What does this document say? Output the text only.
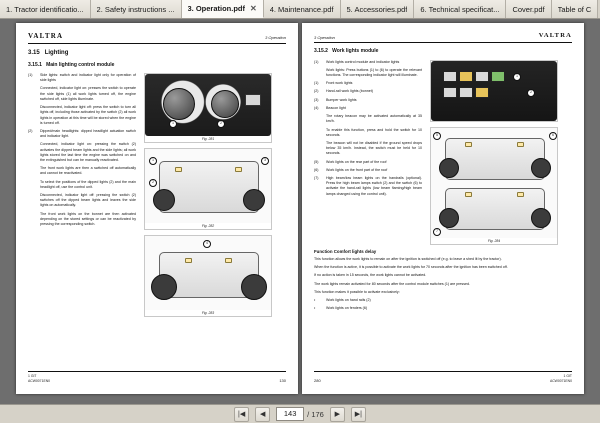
1. Tractor identificatio... 2. Safety instructions ... 3. Operation.pdf ✕ 4. Maintenance.pdf 5. Accessories.pdf 6. Technical specificat... Cover.pdf Table of C
VALTRA	3 Operation
3.15 Lighting
3.15.1 Main lighting control module
(1)	Side lights: switch and indicator light only for operation of side lights
Connected, indicator light on: presses the switch to operate the side lights (1) all work lights turned off, the engine switched off, side lights illuminate.
Disconnected, indicator light off: press the switch to turn all lights off, including those activated by the switch (2) all work lights in operation at this time will be stored when the engine is turned off.
(2)	Dipped/main headlights: dipped headlight actuation switch and indicator light.
Connected, indicator light on: pressing the switch (2) activates the dipped beam lights and the side lights; all work lights stored the last time the engine was switched on and the extinguished but can be manually reactivated.
The front work lights are then a switched off automatically and cannot be reactivated.
To select the positions of the dipped lights (2) and the main headlight off, use the control unit.
Disconnected, indicator light off: pressing the switch (2) switches off the dipped beam lights and leaves the side lights on automatically.
The front work lights on the bonnet are then activated depending on the stored settings or can be reactivated by pressing the corresponding switch.
1	2
Fig. 281
1
2
3
Fig. 282
4
Fig. 283
1 GIT
ACW0071EN0	130
3 Operation	VALTRA
3.15.2 Work lights module
(1)	Work lights control module and indicator lights
Work lights: Press buttons (1) to (6) to operate the relevant functions. The corresponding indicator light will illuminate.
(1)	Front work lights
(2)	Hand-rail work lights (bonnet)
(3)	Bumper work lights
(4)	Beacon light
The rotary beacon may be activated automatically at 35 km/h.
To enable this function, press and hold the switch for 10 seconds.
The beacon will not be disabled if the ground speed drops below 35 km/h. Instead, the switch must be held for 10 seconds.
(5)	Work lights on the rear part of the roof
(6)	Work lights on the front part of the roof
(7)	High beam/low beam lights on the handrails (optional). Press the high beam lamps switch (2) and the switch (6) to activate the hand-rail lights (low beam flaming/high beam lamps changed using the control unit).
1
2
5	6
7
Fig. 284
Function Comfort lights delay
This function allows the work lights to remain on after the ignition is switched off (e.g. to leave a shed lit by the tractor).
When the function is active, it is possible to activate the work lights for 70 seconds after the ignition has been switched off.
If no action is taken in 15 seconds, the work lights cannot be activated.
The work lights remain activated for 80 seconds after the control module switches (1) are pressed.
This function makes it possible to activate exclusively:
•	Work lights on hand rails (2)
•	Work lights on fenders (6)
280
1 GIT
ACW0071EN0
|◀	◀	143	/ 176	▶	▶|
